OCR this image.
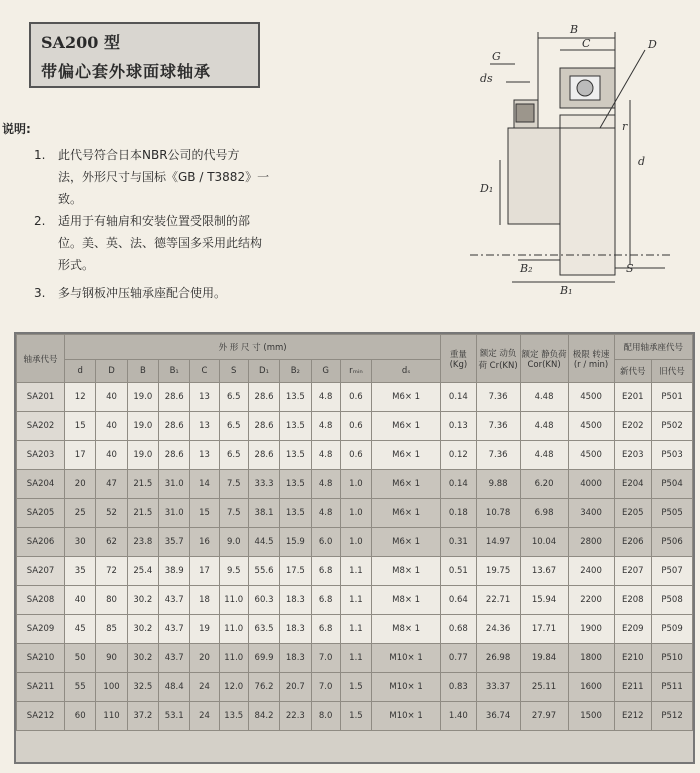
SA200 型
带偏心套外球面球轴承
说明:
1. 此代号符合日本NBR公司的代号方
法，外形尺寸与国标《GB / T3882》一
致。
2. 适用于有轴肩和安装位置受限制的部
位。美、英、法、德等国多采用此结构
形式。
3. 多与钢板冲压轴承座配合使用。
B
C	D
G
ds
D₁
d
r
B₂
B₁
S
轴承代号	外 形 尺 寸 (mm)											重量 (Kg)	额定 动负荷 Cr(KN)	额定 静负荷 Cor(KN)	极限 转速 (r / min)	配用轴承座代号	
	d	D	B	B₁	C	S	D₁	B₂	G	rₘᵢₙ	dₛ					新代号	旧代号
SA201	12	40	19.0	28.6	13	6.5	28.6	13.5	4.8	0.6	M6× 1	0.14	7.36	4.48	4500	E201	P501
SA202	15	40	19.0	28.6	13	6.5	28.6	13.5	4.8	0.6	M6× 1	0.13	7.36	4.48	4500	E202	P502
SA203	17	40	19.0	28.6	13	6.5	28.6	13.5	4.8	0.6	M6× 1	0.12	7.36	4.48	4500	E203	P503
SA204	20	47	21.5	31.0	14	7.5	33.3	13.5	4.8	1.0	M6× 1	0.14	9.88	6.20	4000	E204	P504
SA205	25	52	21.5	31.0	15	7.5	38.1	13.5	4.8	1.0	M6× 1	0.18	10.78	6.98	3400	E205	P505
SA206	30	62	23.8	35.7	16	9.0	44.5	15.9	6.0	1.0	M6× 1	0.31	14.97	10.04	2800	E206	P506
SA207	35	72	25.4	38.9	17	9.5	55.6	17.5	6.8	1.1	M8× 1	0.51	19.75	13.67	2400	E207	P507
SA208	40	80	30.2	43.7	18	11.0	60.3	18.3	6.8	1.1	M8× 1	0.64	22.71	15.94	2200	E208	P508
SA209	45	85	30.2	43.7	19	11.0	63.5	18.3	6.8	1.1	M8× 1	0.68	24.36	17.71	1900	E209	P509
SA210	50	90	30.2	43.7	20	11.0	69.9	18.3	7.0	1.1	M10× 1	0.77	26.98	19.84	1800	E210	P510
SA211	55	100	32.5	48.4	24	12.0	76.2	20.7	7.0	1.5	M10× 1	0.83	33.37	25.11	1600	E211	P511
SA212	60	110	37.2	53.1	24	13.5	84.2	22.3	8.0	1.5	M10× 1	1.40	36.74	27.97	1500	E212	P512
